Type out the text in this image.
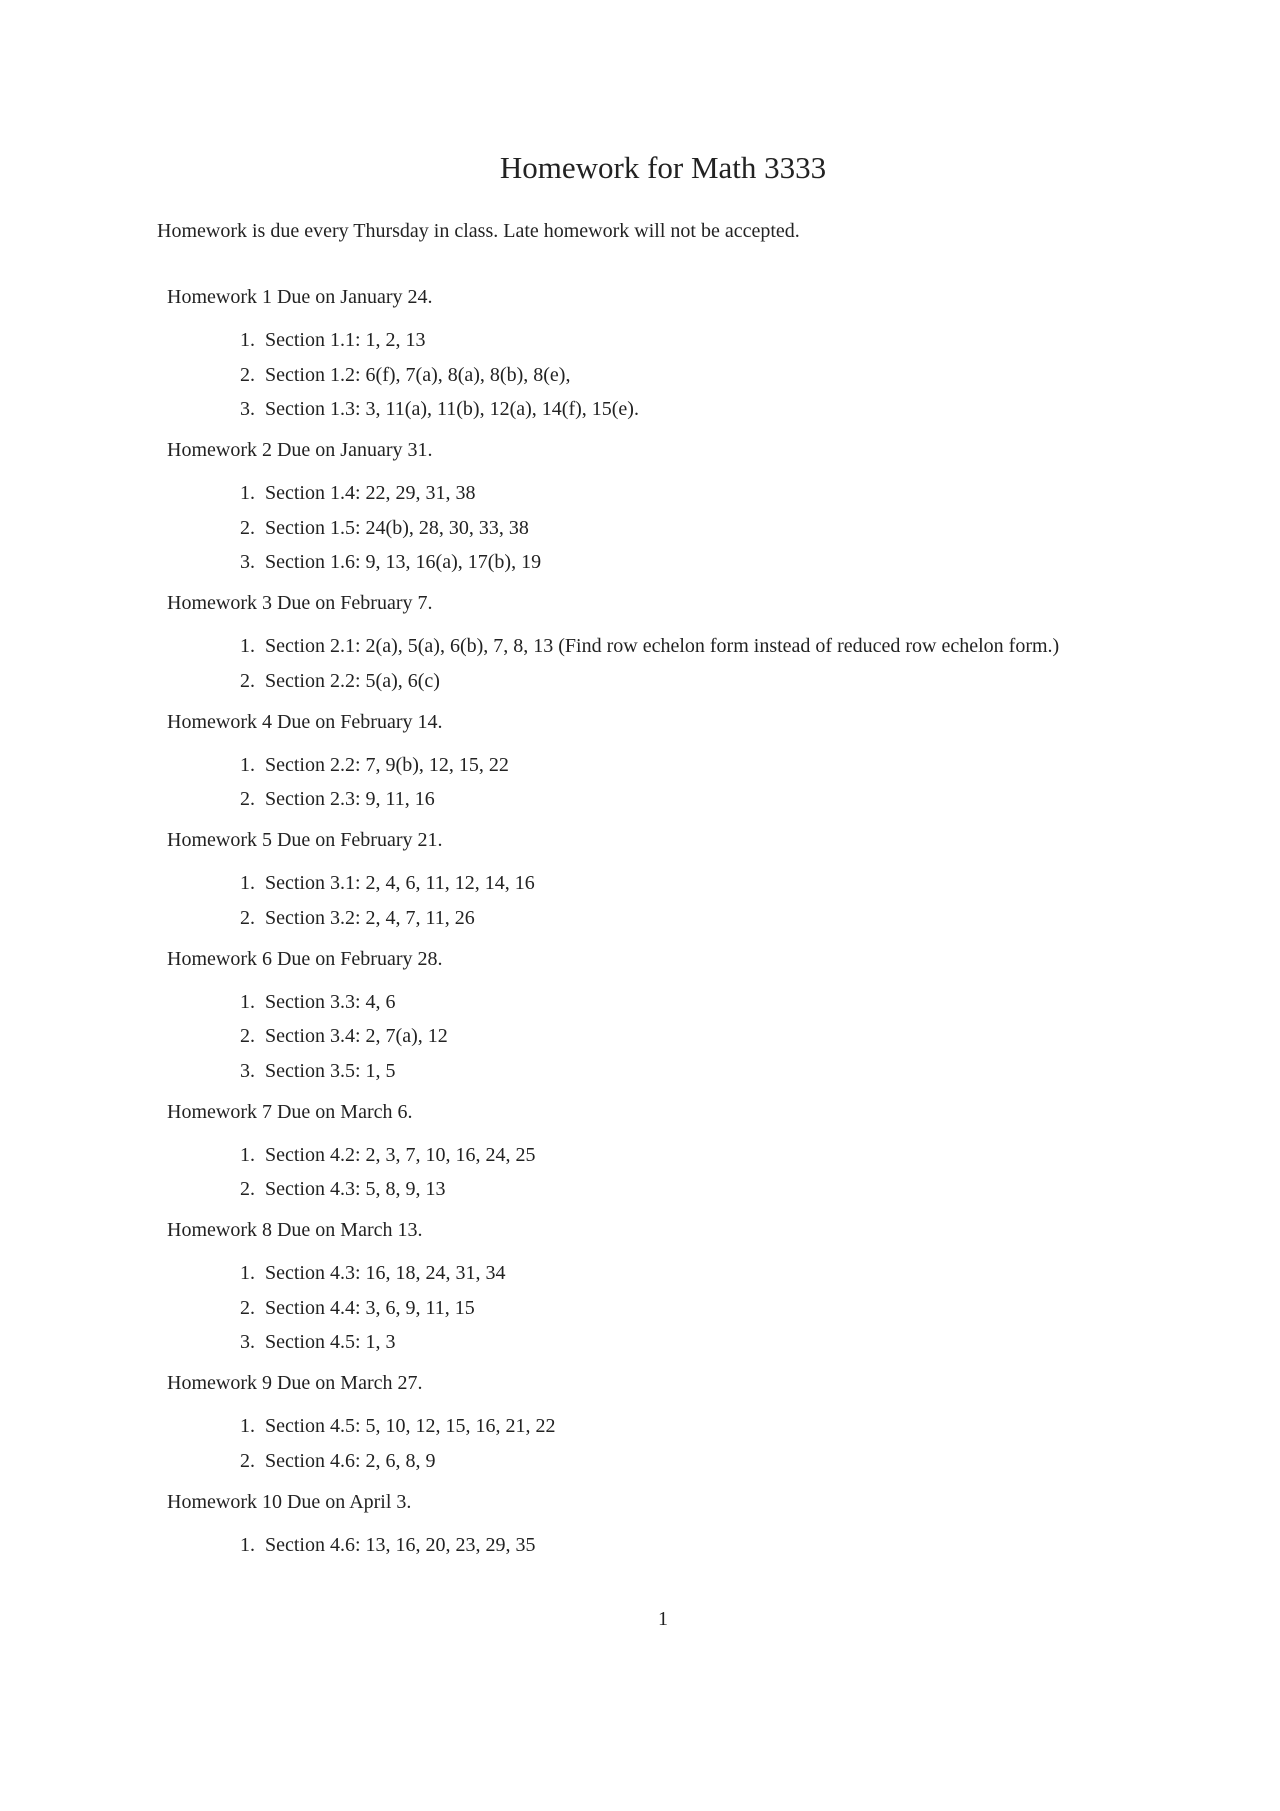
Homework for Math 3333
Homework is due every Thursday in class. Late homework will not be accepted.
Homework 1 Due on January 24.
1. Section 1.1: 1, 2, 13
2. Section 1.2: 6(f), 7(a), 8(a), 8(b), 8(e),
3. Section 1.3: 3, 11(a), 11(b), 12(a), 14(f), 15(e).
Homework 2 Due on January 31.
1. Section 1.4: 22, 29, 31, 38
2. Section 1.5: 24(b), 28, 30, 33, 38
3. Section 1.6: 9, 13, 16(a), 17(b), 19
Homework 3 Due on February 7.
1. Section 2.1: 2(a), 5(a), 6(b), 7, 8, 13 (Find row echelon form instead of reduced row echelon form.)
2. Section 2.2: 5(a), 6(c)
Homework 4 Due on February 14.
1. Section 2.2: 7, 9(b), 12, 15, 22
2. Section 2.3: 9, 11, 16
Homework 5 Due on February 21.
1. Section 3.1: 2, 4, 6, 11, 12, 14, 16
2. Section 3.2: 2, 4, 7, 11, 26
Homework 6 Due on February 28.
1. Section 3.3: 4, 6
2. Section 3.4: 2, 7(a), 12
3. Section 3.5: 1, 5
Homework 7 Due on March 6.
1. Section 4.2: 2, 3, 7, 10, 16, 24, 25
2. Section 4.3: 5, 8, 9, 13
Homework 8 Due on March 13.
1. Section 4.3: 16, 18, 24, 31, 34
2. Section 4.4: 3, 6, 9, 11, 15
3. Section 4.5: 1, 3
Homework 9 Due on March 27.
1. Section 4.5: 5, 10, 12, 15, 16, 21, 22
2. Section 4.6: 2, 6, 8, 9
Homework 10 Due on April 3.
1. Section 4.6: 13, 16, 20, 23, 29, 35
1
